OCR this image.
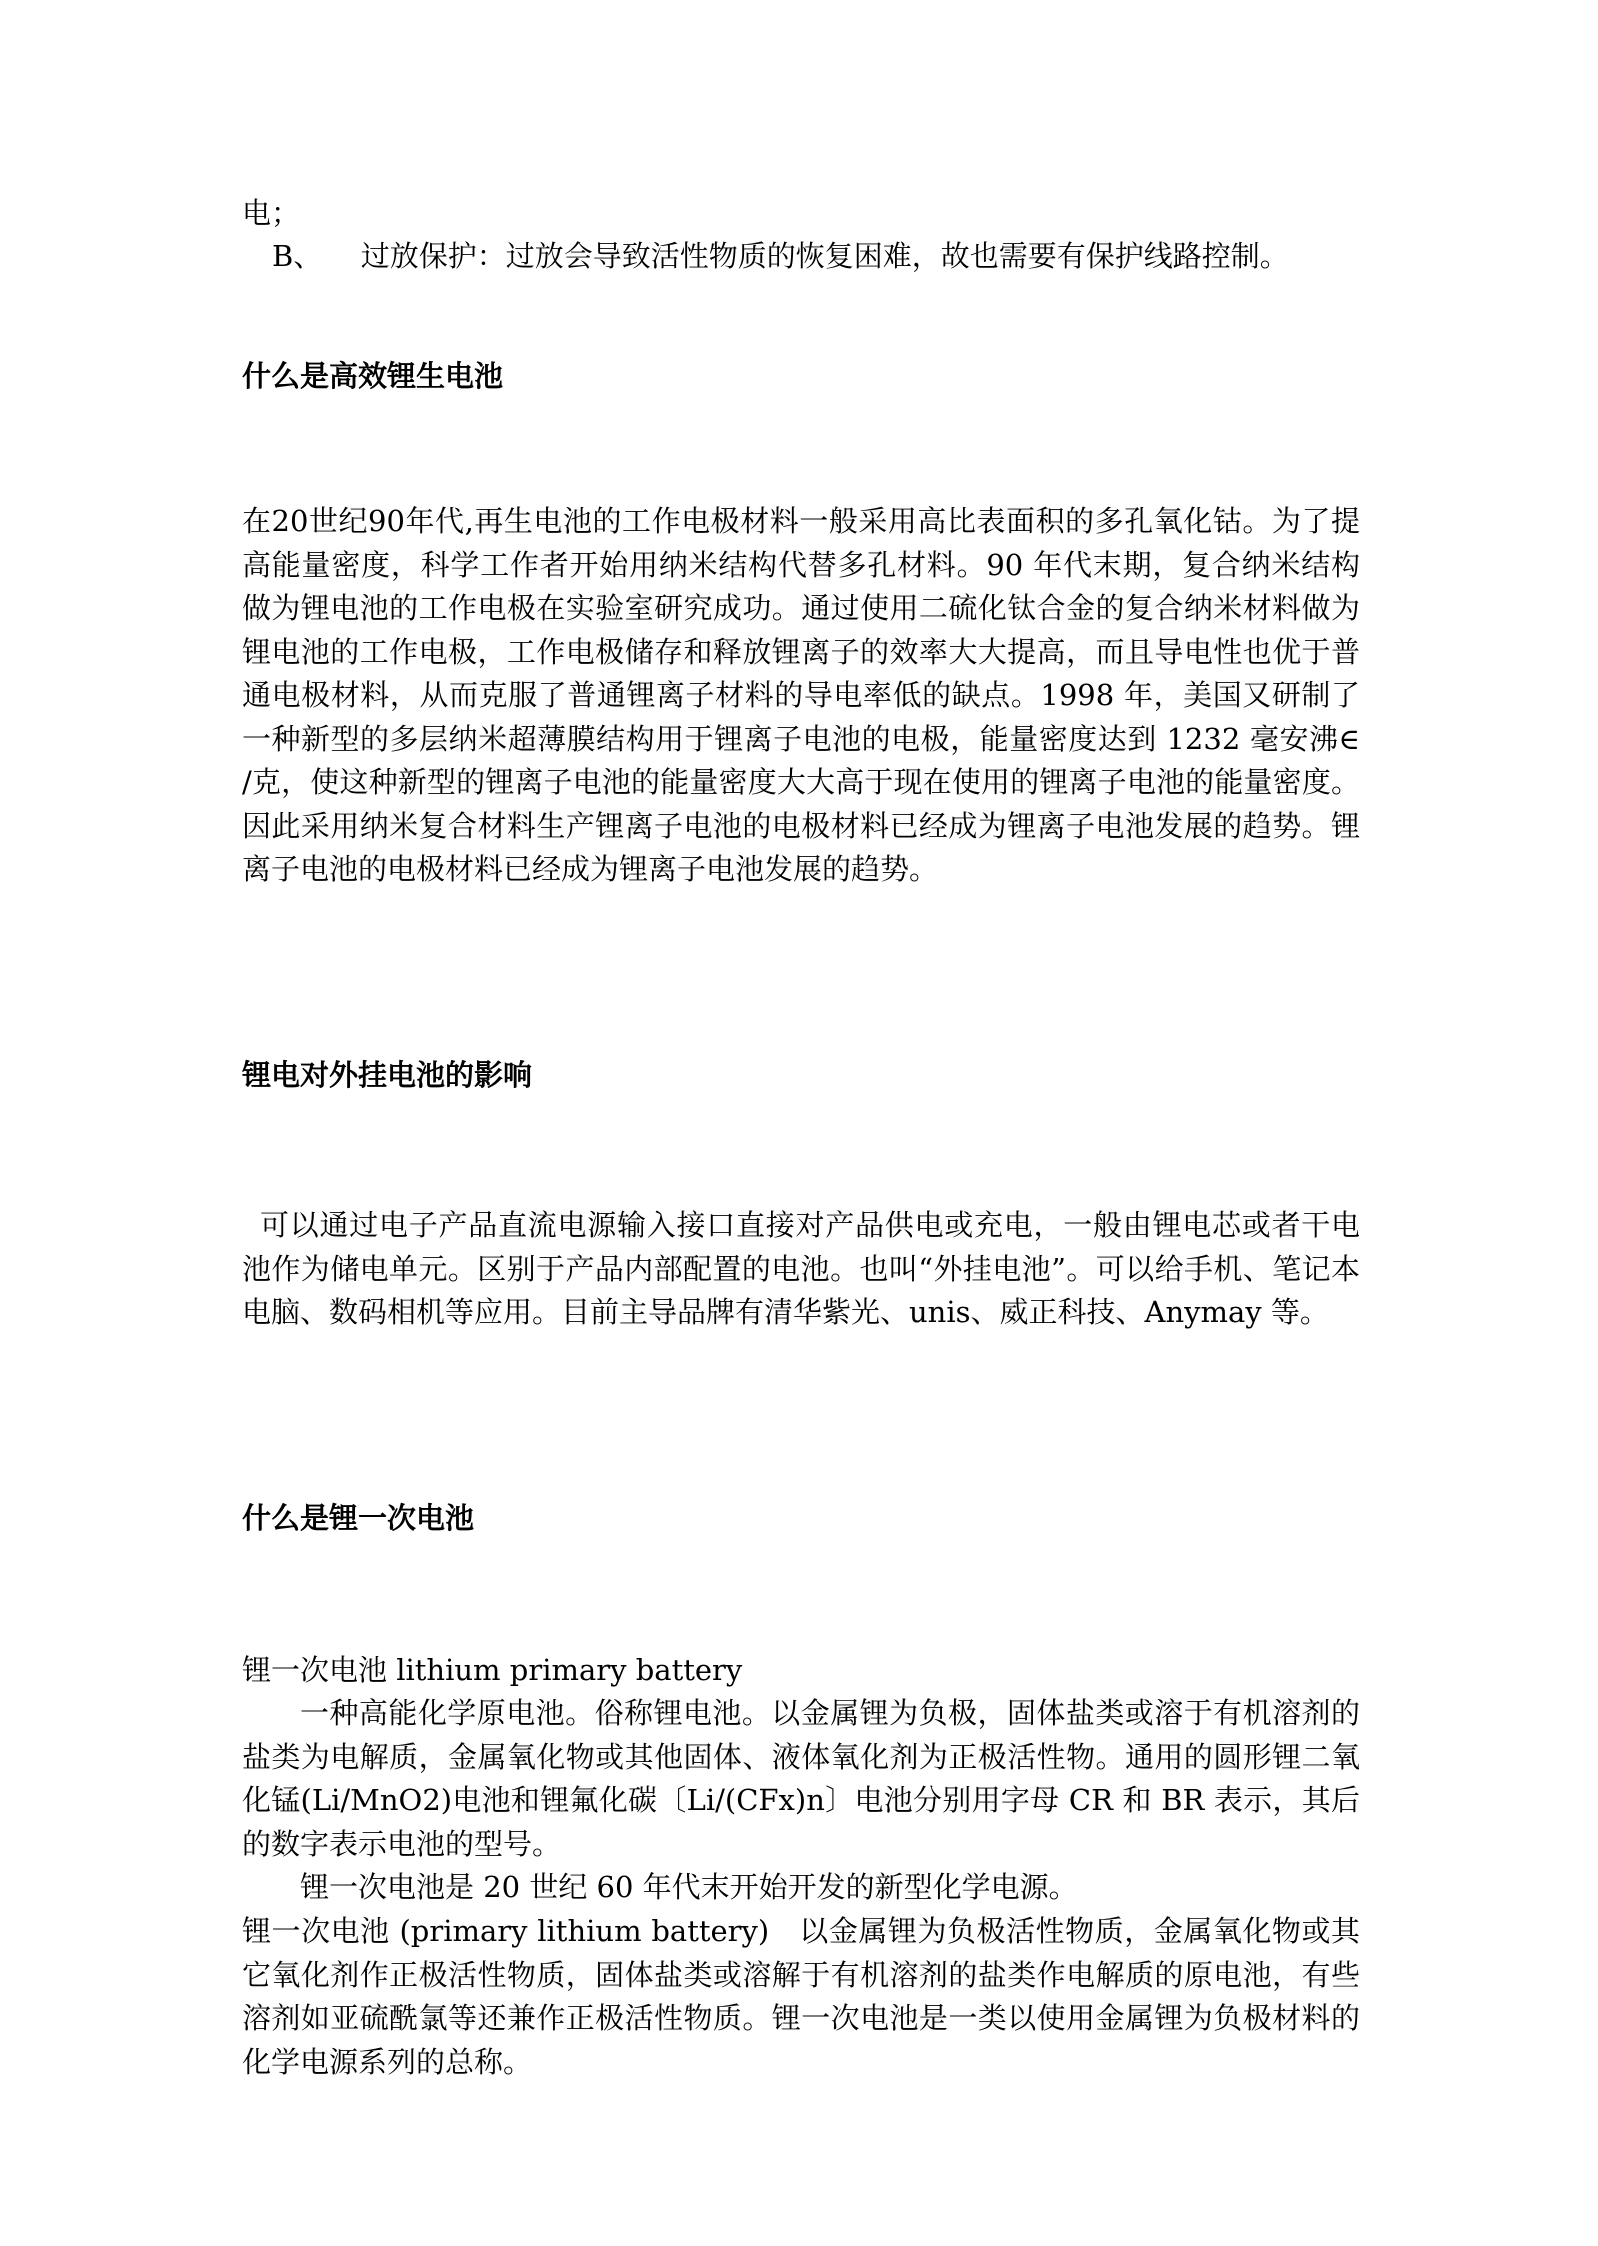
电；

B、 过放保护：过放会导致活性物质的恢复困难，故也需要有保护线路控制。

什么是高效锂生电池

在20世纪90年代,再生电池的工作电极材料一般采用高比表面积的多孔氧化钴。为了提高能量密度，科学工作者开始用纳米结构代替多孔材料。90 年代末期，复合纳米结构做为锂电池的工作电极在实验室研究成功。通过使用二硫化钛合金的复合纳米材料做为锂电池的工作电极，工作电极储存和释放锂离子的效率大大提高，而且导电性也优于普通电极材料，从而克服了普通锂离子材料的导电率低的缺点。1998 年，美国又研制了一种新型的多层纳米超薄膜结构用于锂离子电池的电极，能量密度达到 1232 毫安沸∈ /克，使这种新型的锂离子电池的能量密度大大高于现在使用的锂离子电池的能量密度。因此采用纳米复合材料生产锂离子电池的电极材料已经成为锂离子电池发展的趋势。锂离子电池的电极材料已经成为锂离子电池发展的趋势。

锂电对外挂电池的影响

可以通过电子产品直流电源输入接口直接对产品供电或充电，一般由锂电芯或者干电池作为储电单元。区别于产品内部配置的电池。也叫“外挂电池”。可以给手机、笔记本电脑、数码相机等应用。目前主导品牌有清华紫光、unis、威正科技、Anymay 等。

什么是锂一次电池

锂一次电池 lithium primary battery

一种高能化学原电池。俗称锂电池。以金属锂为负极，固体盐类或溶于有机溶剂的盐类为电解质，金属氧化物或其他固体、液体氧化剂为正极活性物。通用的圆形锂二氧化锰(Li/MnO2)电池和锂氟化碳〔Li/(CFx)n〕电池分别用字母 CR 和 BR 表示，其后的数字表示电池的型号。

锂一次电池是 20 世纪 60 年代末开始开发的新型化学电源。

锂一次电池 (primary lithium battery)　以金属锂为负极活性物质，金属氧化物或其它氧化剂作正极活性物质，固体盐类或溶解于有机溶剂的盐类作电解质的原电池，有些溶剂如亚硫酰氯等还兼作正极活性物质。锂一次电池是一类以使用金属锂为负极材料的化学电源系列的总称。
